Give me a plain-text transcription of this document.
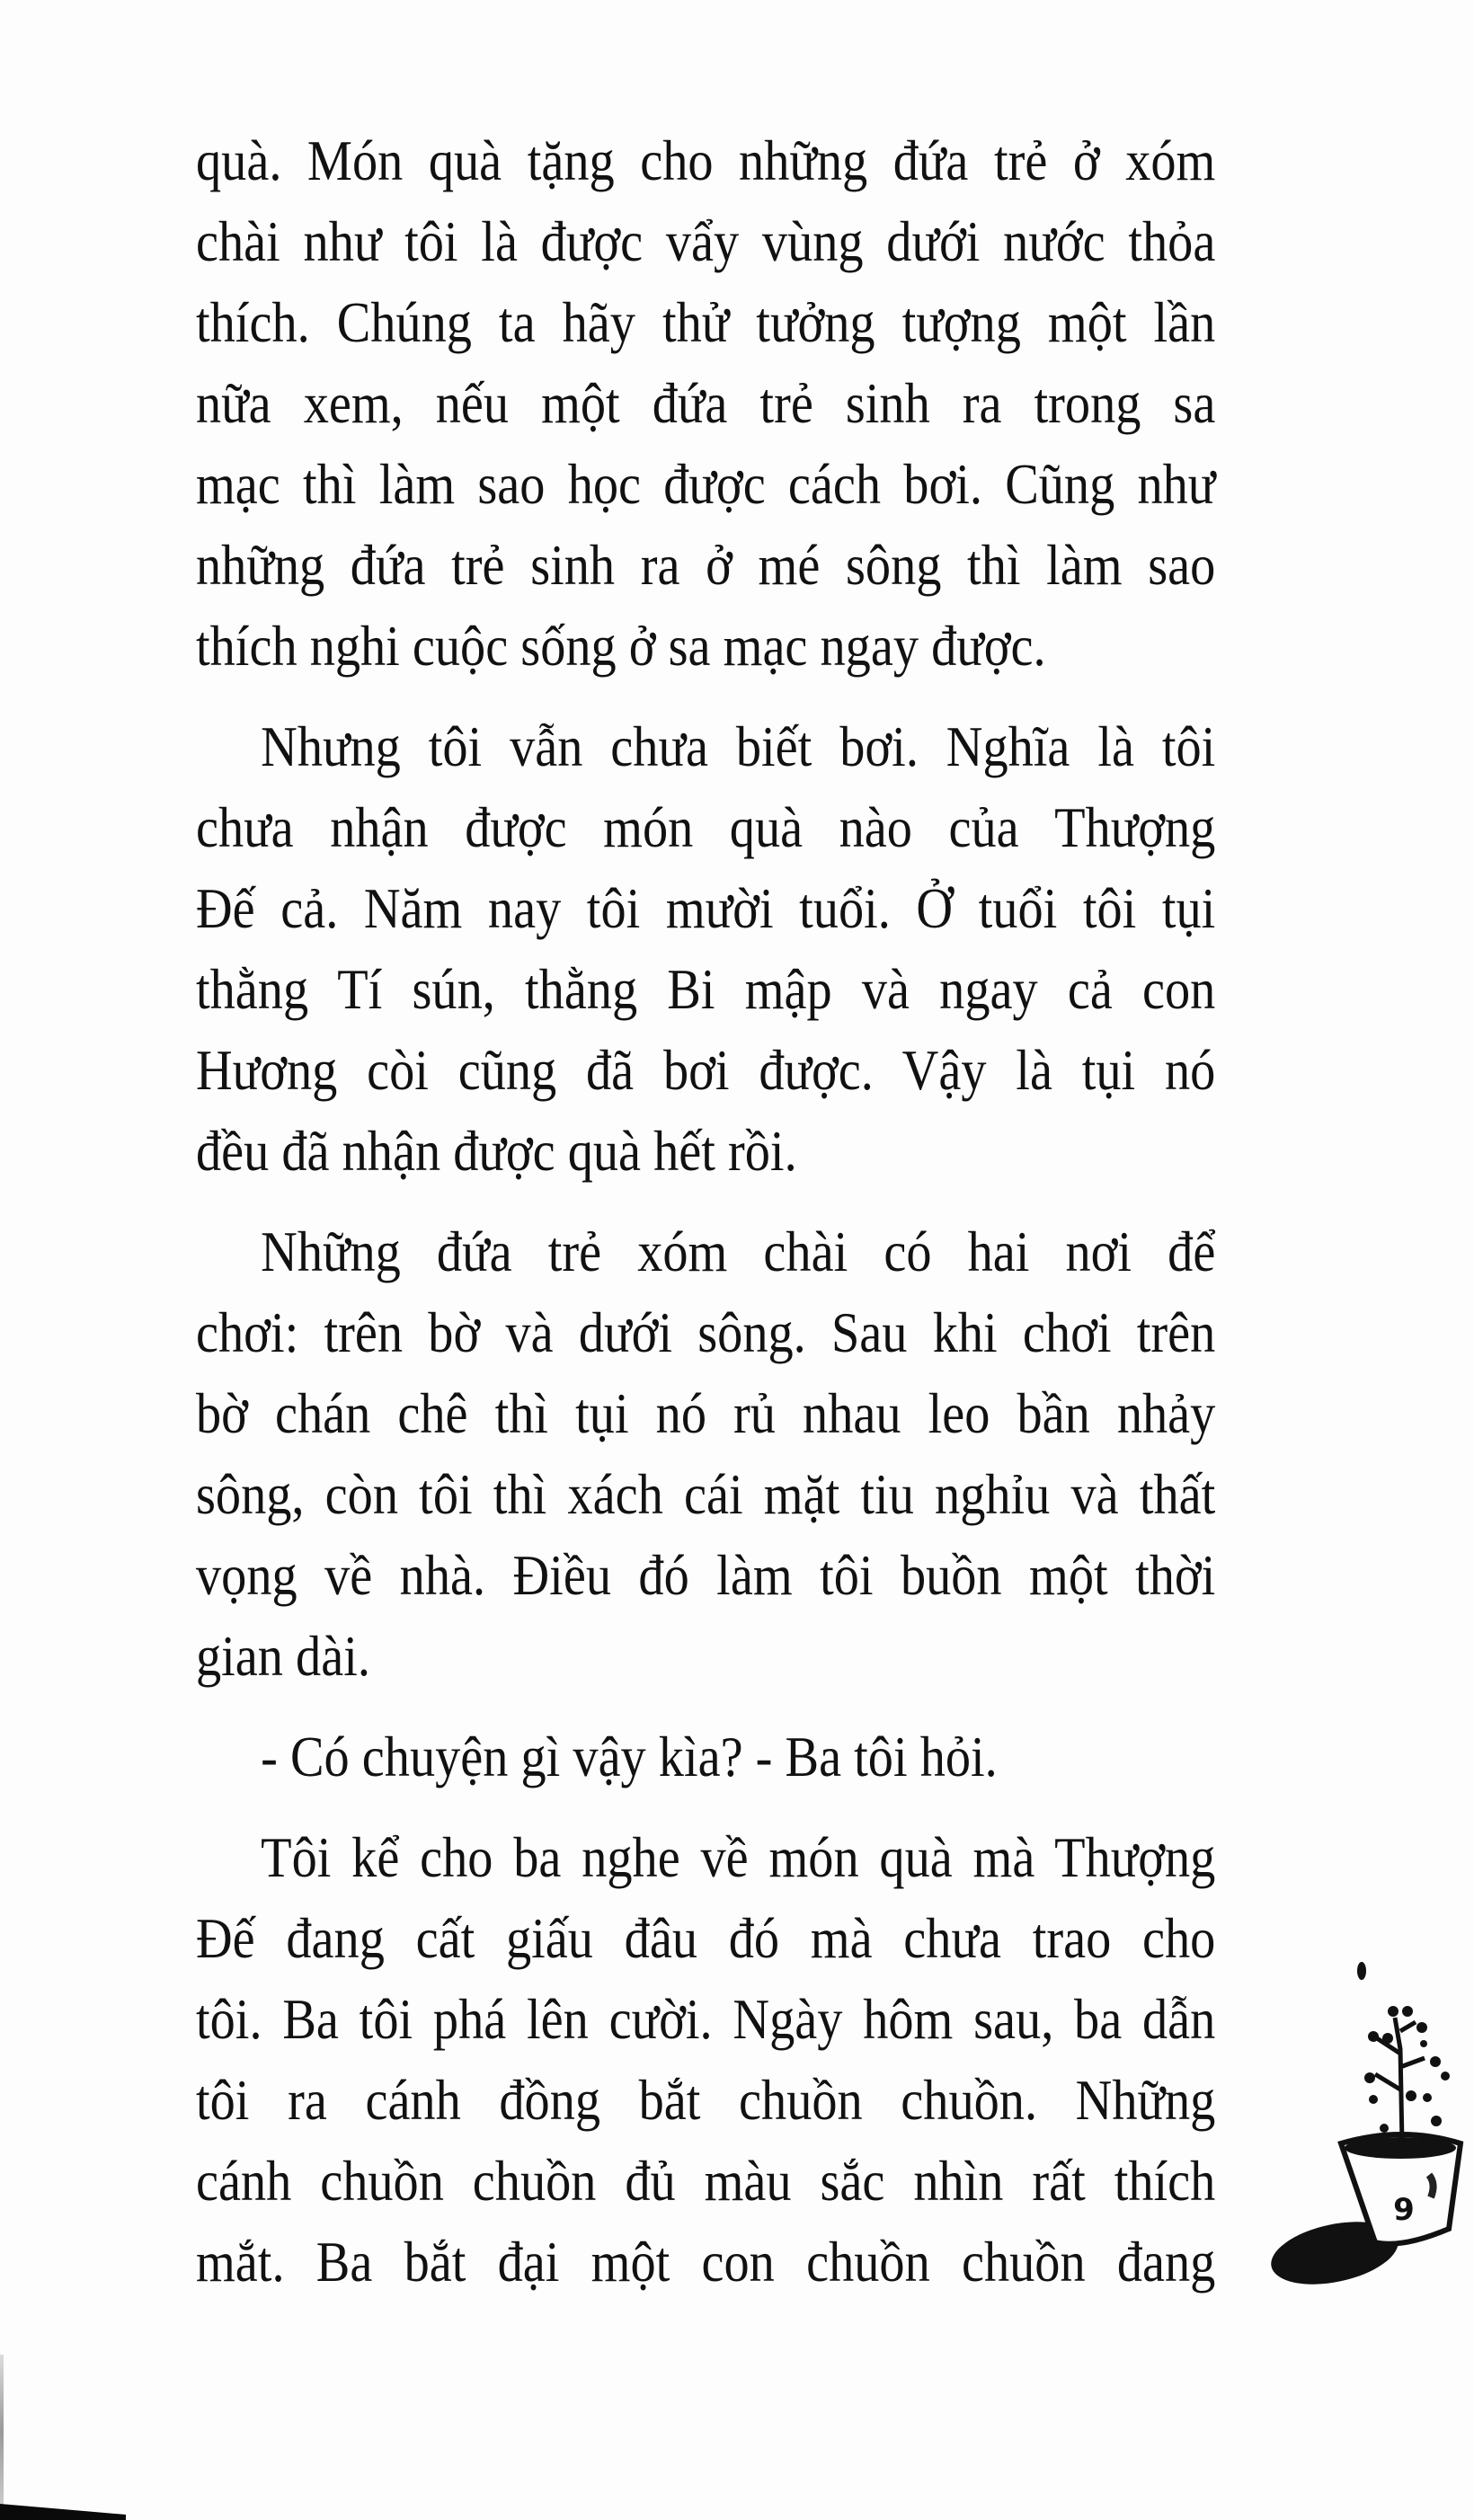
quà. Món quà tặng cho những đứa trẻ ở xóm
chài như tôi là được vẩy vùng dưới nước thỏa
thích. Chúng ta hãy thử tưởng tượng một lần
nữa xem, nếu một đứa trẻ sinh ra trong sa
mạc thì làm sao học được cách bơi. Cũng như
những đứa trẻ sinh ra ở mé sông thì làm sao
thích nghi cuộc sống ở sa mạc ngay được.
Nhưng tôi vẫn chưa biết bơi. Nghĩa là tôi
chưa nhận được món quà nào của Thượng
Đế cả. Năm nay tôi mười tuổi. Ở tuổi tôi tụi
thằng Tí sún, thằng Bi mập và ngay cả con
Hương còi cũng đã bơi được. Vậy là tụi nó
đều đã nhận được quà hết rồi.
Những đứa trẻ xóm chài có hai nơi để
chơi: trên bờ và dưới sông. Sau khi chơi trên
bờ chán chê thì tụi nó rủ nhau leo bần nhảy
sông, còn tôi thì xách cái mặt tiu nghỉu và thất
vọng về nhà. Điều đó làm tôi buồn một thời
gian dài.
- Có chuyện gì vậy kìa? - Ba tôi hỏi.
Tôi kể cho ba nghe về món quà mà Thượng
Đế đang cất giấu đâu đó mà chưa trao cho
tôi. Ba tôi phá lên cười. Ngày hôm sau, ba dẫn
tôi ra cánh đồng bắt chuồn chuồn. Những
cánh chuồn chuồn đủ màu sắc nhìn rất thích
mắt. Ba bắt đại một con chuồn chuồn đang
9
